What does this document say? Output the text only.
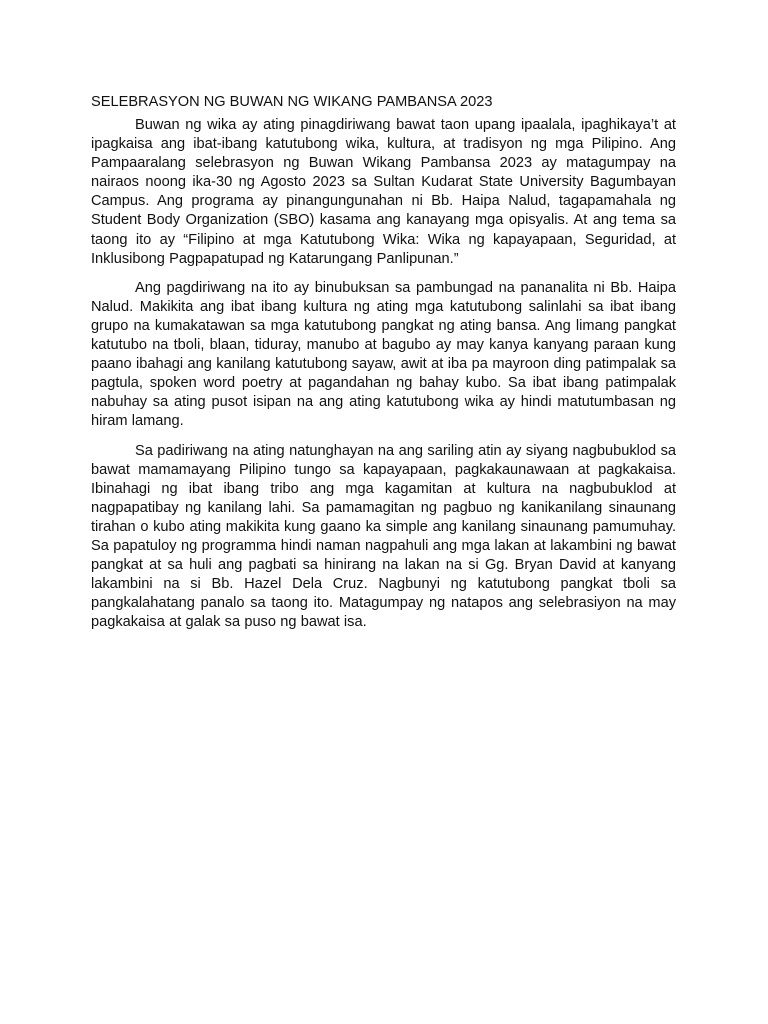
SELEBRASYON NG BUWAN NG WIKANG PAMBANSA 2023

Buwan ng wika ay ating pinagdiriwang bawat taon upang ipaalala, ipaghikaya’t at ipagkaisa ang ibat-ibang katutubong wika, kultura, at tradisyon ng mga Pilipino. Ang Pampaaralang selebrasyon ng Buwan Wikang Pambansa 2023 ay matagumpay na nairaos noong ika-30 ng Agosto 2023 sa Sultan Kudarat State University Bagumbayan Campus. Ang programa ay pinangungunahan ni Bb. Haipa Nalud, tagapamahala ng Student Body Organization (SBO) kasama ang kanayang mga opisyalis. At ang tema sa taong ito ay “Filipino at mga Katutubong Wika: Wika ng kapayapaan, Seguridad, at Inklusibong Pagpapatupad ng Katarungang Panlipunan.”

Ang pagdiriwang na ito ay binubuksan sa pambungad na pananalita ni Bb. Haipa Nalud. Makikita ang ibat ibang kultura ng ating mga katutubong salinlahi sa ibat ibang grupo na kumakatawan sa mga katutubong pangkat ng ating bansa. Ang limang pangkat katutubo na tboli, blaan, tiduray, manubo at bagubo ay may kanya kanyang paraan kung paano ibahagi ang kanilang katutubong sayaw, awit at iba pa mayroon ding patimpalak sa pagtula, spoken word poetry at pagandahan ng bahay kubo. Sa ibat ibang patimpalak nabuhay sa ating pusot isipan na ang ating katutubong wika ay hindi matutumbasan ng hiram lamang.

Sa padiriwang na ating natunghayan na ang sariling atin ay siyang nagbubuklod sa bawat mamamayang Pilipino tungo sa kapayapaan, pagkakaunawaan at pagkakaisa. Ibinahagi ng ibat ibang tribo ang mga kagamitan at kultura na nagbubuklod at nagpapatibay ng kanilang lahi. Sa pamamagitan ng pagbuo ng kanikanilang sinaunang tirahan o kubo ating makikita kung gaano ka simple ang kanilang sinaunang pamumuhay. Sa papatuloy ng programma hindi naman nagpahuli ang mga lakan at lakambini ng bawat pangkat at sa huli ang pagbati sa hinirang na lakan na si Gg. Bryan David at kanyang lakambini na si Bb. Hazel Dela Cruz. Nagbunyi ng katutubong pangkat tboli sa pangkalahatang panalo sa taong ito. Matagumpay ng natapos ang selebrasiyon na may pagkakaisa at galak sa puso ng bawat isa.
